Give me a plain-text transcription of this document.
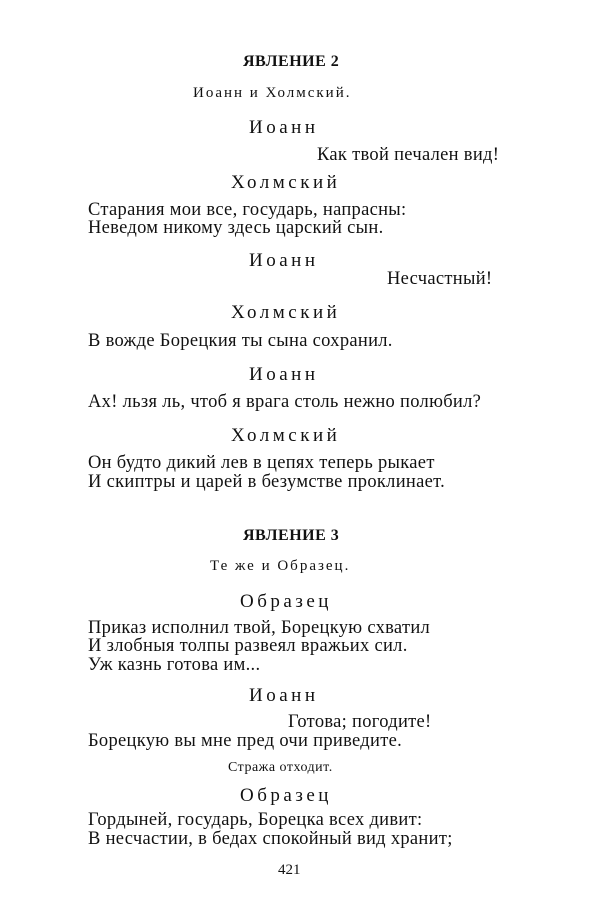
ЯВЛЕНИЕ 2
Иоанн и Холмский.
Иоанн
Как твой печален вид!
Холмский
Старания мои все, государь, напрасны:
Неведом никому здесь царский сын.
Иоанн
Несчастный!
Холмский
В вожде Борецкия ты сына сохранил.
Иоанн
Ах! льзя ль, чтоб я врага столь нежно полюбил?
Холмский
Он будто дикий лев в цепях теперь рыкает
И скиптры и царей в безумстве проклинает.
ЯВЛЕНИЕ 3
Те же и Образец.
Образец
Приказ исполнил твой, Борецкую схватил
И злобныя толпы развеял вражьих сил.
Уж казнь готова им...
Иоанн
Готова; погодите!
Борецкую вы мне пред очи приведите.
Стража отходит.
Образец
Гордыней, государь, Борецка всех дивит:
В несчастии, в бедах спокойный вид хранит;
421
